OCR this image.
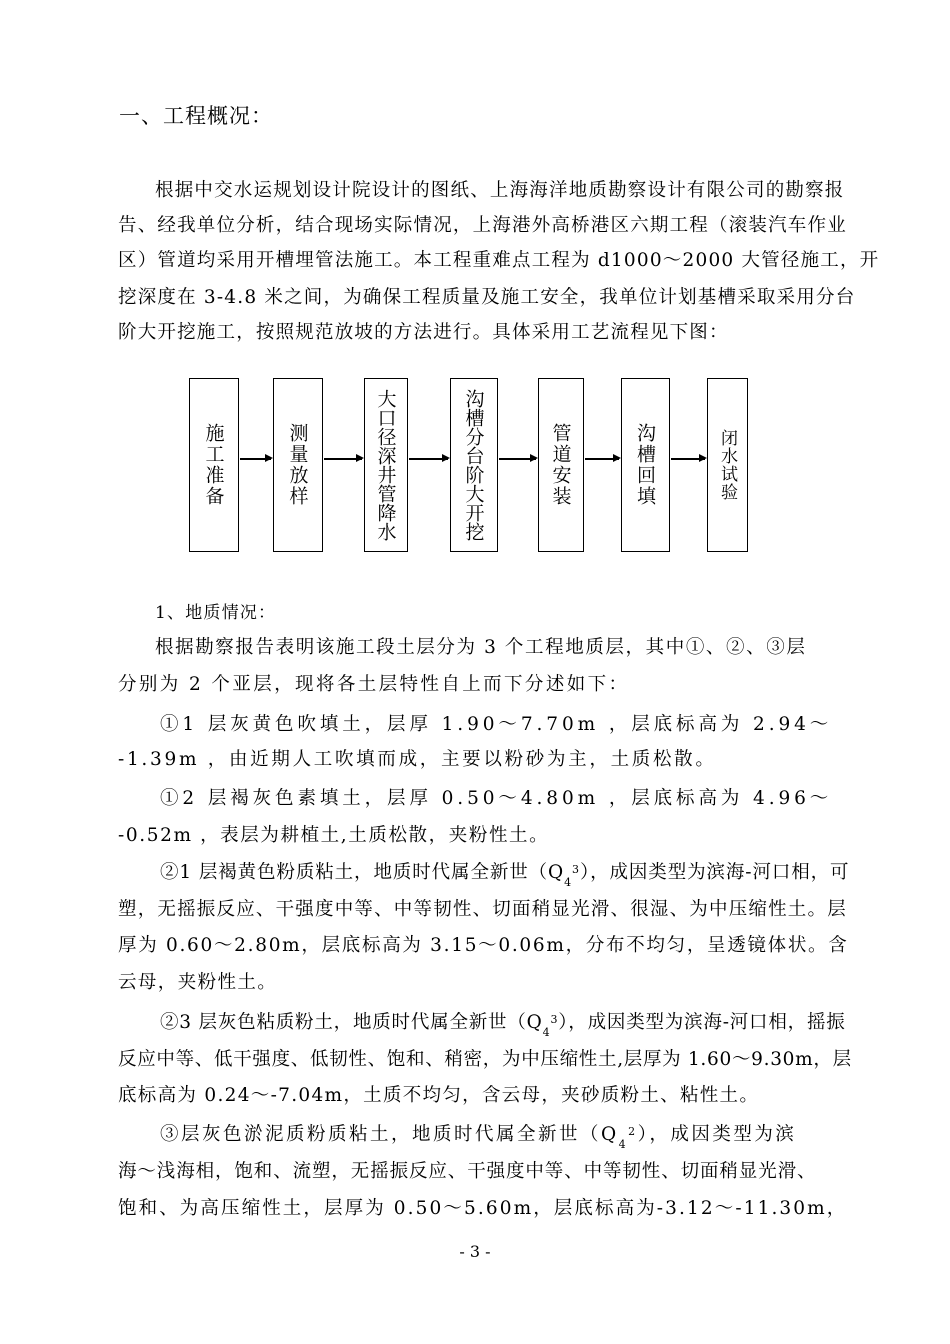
一、工程概况：
根据中交水运规划设计院设计的图纸、上海海洋地质勘察设计有限公司的勘察报
告、经我单位分析，结合现场实际情况，上海港外高桥港区六期工程（滚装汽车作业
区）管道均采用开槽埋管法施工。本工程重难点工程为 d1000～2000 大管径施工，开
挖深度在 3-4.8 米之间，为确保工程质量及施工安全，我单位计划基槽采取采用分台
阶大开挖施工，按照规范放坡的方法进行。具体采用工艺流程见下图：
施工准备	测量放样	大口径深井管降水	沟槽分台阶大开挖	管道安装	沟槽回填	闭水试验
1、地质情况：
根据勘察报告表明该施工段土层分为 3 个工程地质层，其中①、②、③层
分别为 2 个亚层，现将各土层特性自上而下分述如下：
①1 层灰黄色吹填土，层厚 1.90～7.70m ，层底标高为 2.94～
-1.39m ，由近期人工吹填而成，主要以粉砂为主，土质松散。
①2 层褐灰色素填土，层厚 0.50～4.80m ，层底标高为 4.96～
-0.52m ，表层为耕植土,土质松散，夹粉性土。
②1 层褐黄色粉质粘土，地质时代属全新世$(Q_4^3)$，成因类型为滨海-河口相，可
塑，无摇振反应、干强度中等、中等韧性、切面稍显光滑、很湿、为中压缩性土。层
厚为 0.60～2.80m，层底标高为 3.15～0.06m，分布不均匀，呈透镜体状。含
云母，夹粉性土。
②3 层灰色粘质粉土，地质时代属全新世$(Q_4^3)$，成因类型为滨海-河口相，摇振
反应中等、低干强度、低韧性、饱和、稍密，为中压缩性土,层厚为 1.60～9.30m，层
底标高为 0.24～-7.04m，土质不均匀，含云母，夹砂质粉土、粘性土。
③层灰色淤泥质粉质粘土，地质时代属全新世$(Q_4^2)$，成因类型为滨
海～浅海相，饱和、流塑，无摇振反应、干强度中等、中等韧性、切面稍显光滑、
饱和、为高压缩性土，层厚为 0.50～5.60m，层底标高为-3.12～-11.30m，
- 3 -
